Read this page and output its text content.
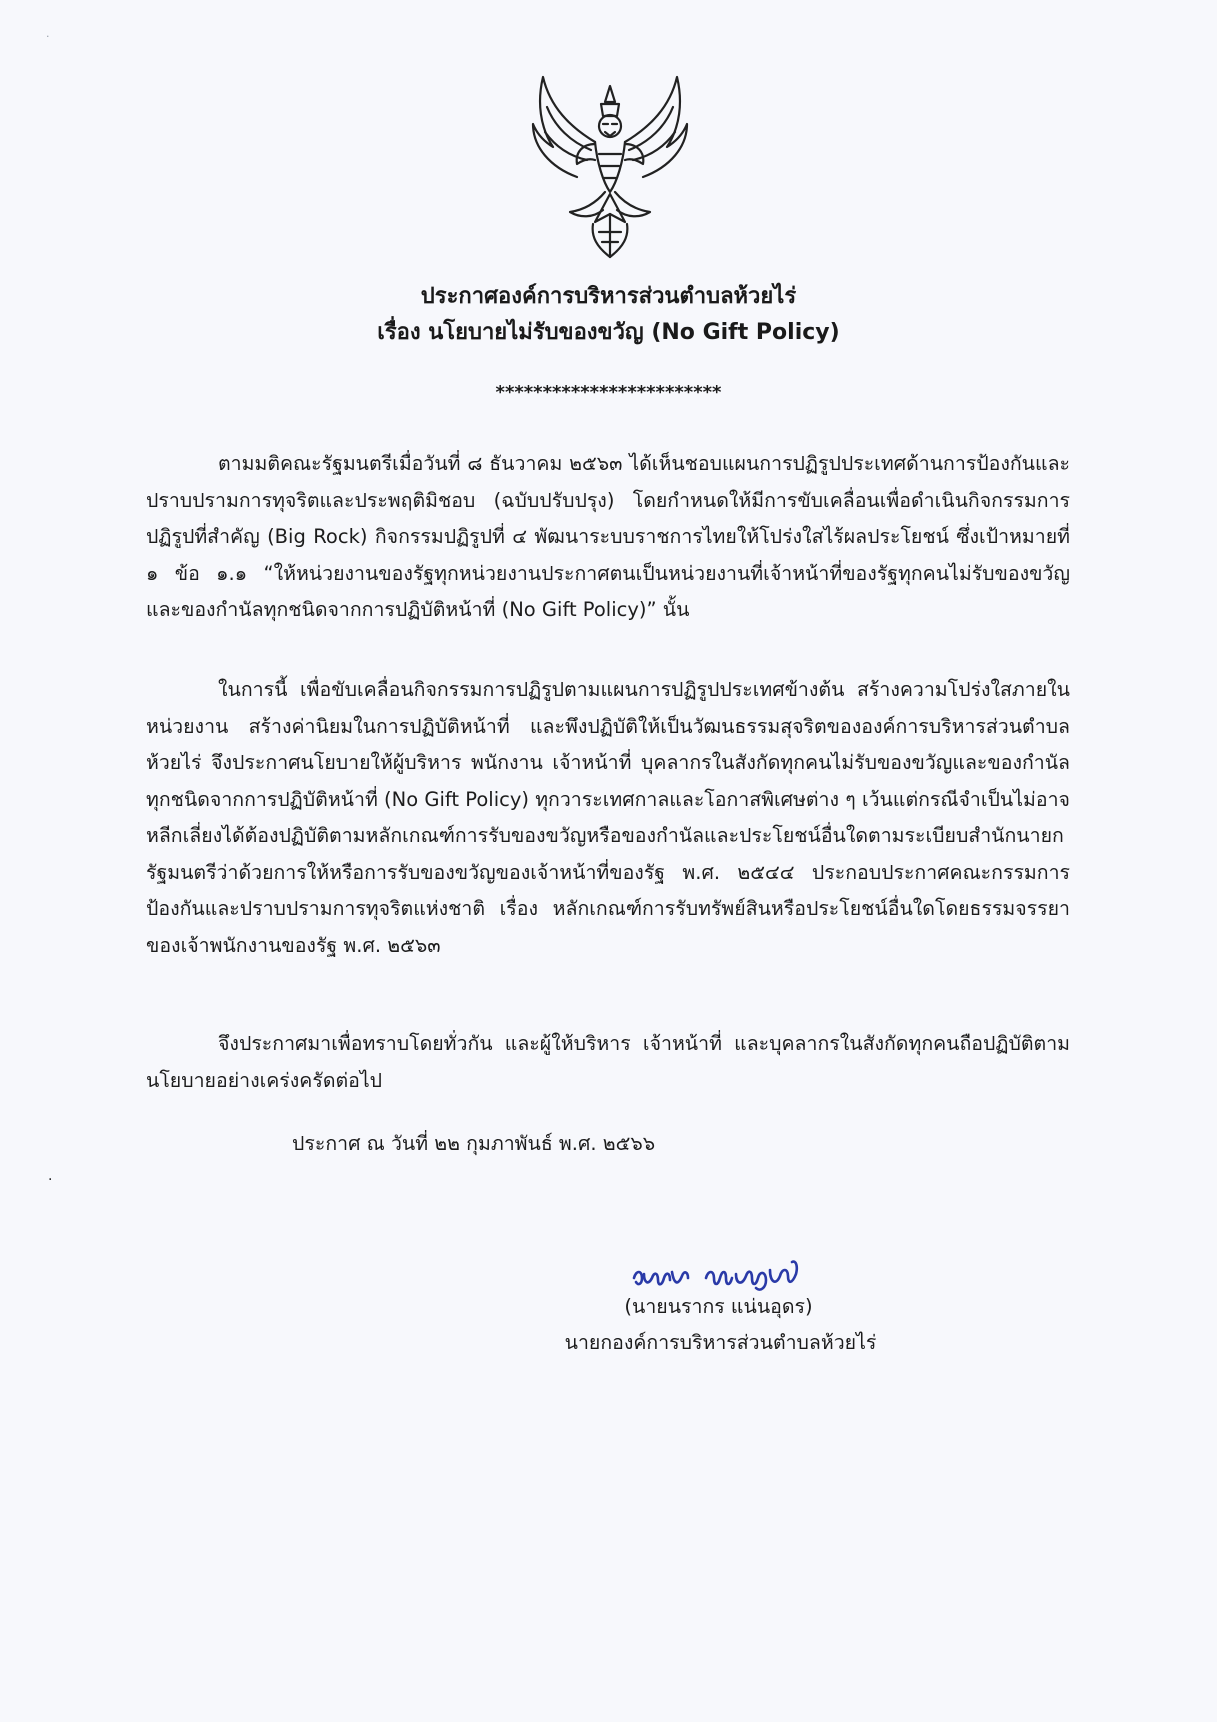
ประกาศองค์การบริหารส่วนตำบลห้วยไร่
เรื่อง นโยบายไม่รับของขวัญ (No Gift Policy)
************************

ตามมติคณะรัฐมนตรีเมื่อวันที่ ๘ ธันวาคม ๒๕๖๓ ได้เห็นชอบแผนการปฏิรูปประเทศด้านการป้องกันและปราบปรามการทุจริตและประพฤติมิชอบ (ฉบับปรับปรุง) โดยกำหนดให้มีการขับเคลื่อนเพื่อดำเนินกิจกรรมการปฏิรูปที่สำคัญ (Big Rock) กิจกรรมปฏิรูปที่ ๔ พัฒนาระบบราชการไทยให้โปร่งใสไร้ผลประโยชน์ ซึ่งเป้าหมายที่ ๑ ข้อ ๑.๑ “ให้หน่วยงานของรัฐทุกหน่วยงานประกาศตนเป็นหน่วยงานที่เจ้าหน้าที่ของรัฐทุกคนไม่รับของขวัญและของกำนัลทุกชนิดจากการปฏิบัติหน้าที่ (No Gift Policy)” นั้น

ในการนี้ เพื่อขับเคลื่อนกิจกรรมการปฏิรูปตามแผนการปฏิรูปประเทศข้างต้น สร้างความโปร่งใสภายในหน่วยงาน สร้างค่านิยมในการปฏิบัติหน้าที่ และพึงปฏิบัติให้เป็นวัฒนธรรมสุจริตขององค์การบริหารส่วนตำบลห้วยไร่ จึงประกาศนโยบายให้ผู้บริหาร พนักงาน เจ้าหน้าที่ บุคลากรในสังกัดทุกคนไม่รับของขวัญและของกำนัลทุกชนิดจากการปฏิบัติหน้าที่ (No Gift Policy) ทุกวาระเทศกาลและโอกาสพิเศษต่าง ๆ เว้นแต่กรณีจำเป็นไม่อาจหลีกเลี่ยงได้ต้องปฏิบัติตามหลักเกณฑ์การรับของขวัญหรือของกำนัลและประโยชน์อื่นใดตามระเบียบสำนักนายกรัฐมนตรีว่าด้วยการให้หรือการรับของขวัญของเจ้าหน้าที่ของรัฐ พ.ศ. ๒๕๔๔ ประกอบประกาศคณะกรรมการป้องกันและปราบปรามการทุจริตแห่งชาติ เรื่อง หลักเกณฑ์การรับทรัพย์สินหรือประโยชน์อื่นใดโดยธรรมจรรยาของเจ้าพนักงานของรัฐ พ.ศ. ๒๕๖๓

จึงประกาศมาเพื่อทราบโดยทั่วกัน และผู้ให้บริหาร เจ้าหน้าที่ และบุคลากรในสังกัดทุกคนถือปฏิบัติตามนโยบายอย่างเคร่งครัดต่อไป

ประกาศ ณ วันที่ ๒๒ กุมภาพันธ์ พ.ศ. ๒๕๖๖
(นายนรากร แน่นอุดร)
นายกองค์การบริหารส่วนตำบลห้วยไร่
·
·
